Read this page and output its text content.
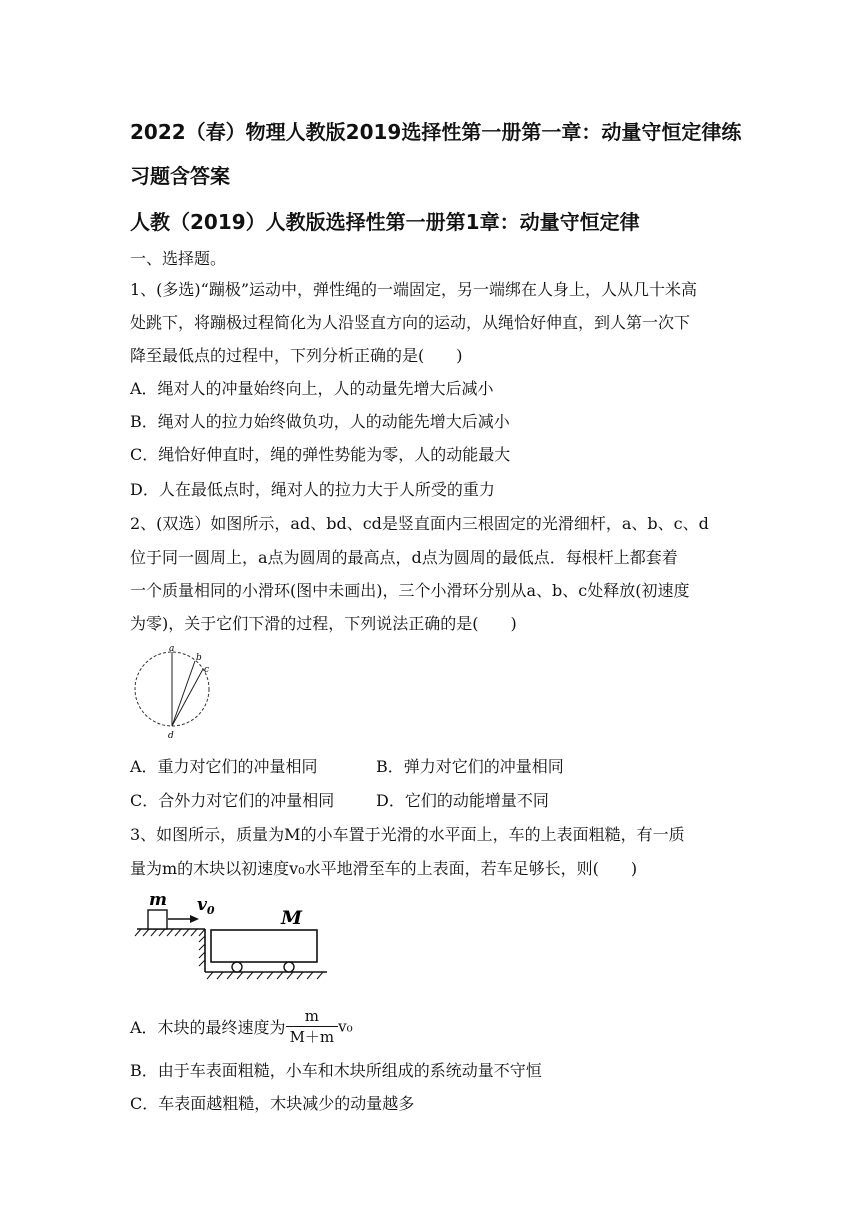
2022（春）物理人教版2019选择性第一册第一章：动量守恒定律练
习题含答案
人教（2019）人教版选择性第一册第1章：动量守恒定律
一、选择题。
1、(多选)“蹦极”运动中，弹性绳的一端固定，另一端绑在人身上，人从几十米高
处跳下，将蹦极过程简化为人沿竖直方向的运动，从绳恰好伸直，到人第一次下
降至最低点的过程中，下列分析正确的是(　　)
A．绳对人的冲量始终向上，人的动量先增大后减小
B．绳对人的拉力始终做负功，人的动能先增大后减小
C．绳恰好伸直时，绳的弹性势能为零，人的动能最大
D．人在最低点时，绳对人的拉力大于人所受的重力
2、(双选）如图所示，ad、bd、cd是竖直面内三根固定的光滑细杆，a、b、c、d
位于同一圆周上，a点为圆周的最高点，d点为圆周的最低点．每根杆上都套着
一个质量相同的小滑环(图中未画出)，三个小滑环分别从a、b、c处释放(初速度
为零)，关于它们下滑的过程，下列说法正确的是(　　)
a
b
c
d
A．重力对它们的冲量相同	B．弹力对它们的冲量相同
C．合外力对它们的冲量相同	D．它们的动能增量不同
3、如图所示，质量为M的小车置于光滑的水平面上，车的上表面粗糙，有一质
量为m的木块以初速度v₀水平地滑至车的上表面，若车足够长，则(　　)
m $v_0$	M
A．木块的最终速度为 $\frac{m}{M+m} v_0$
B．由于车表面粗糙，小车和木块所组成的系统动量不守恒
C．车表面越粗糙，木块减少的动量越多
